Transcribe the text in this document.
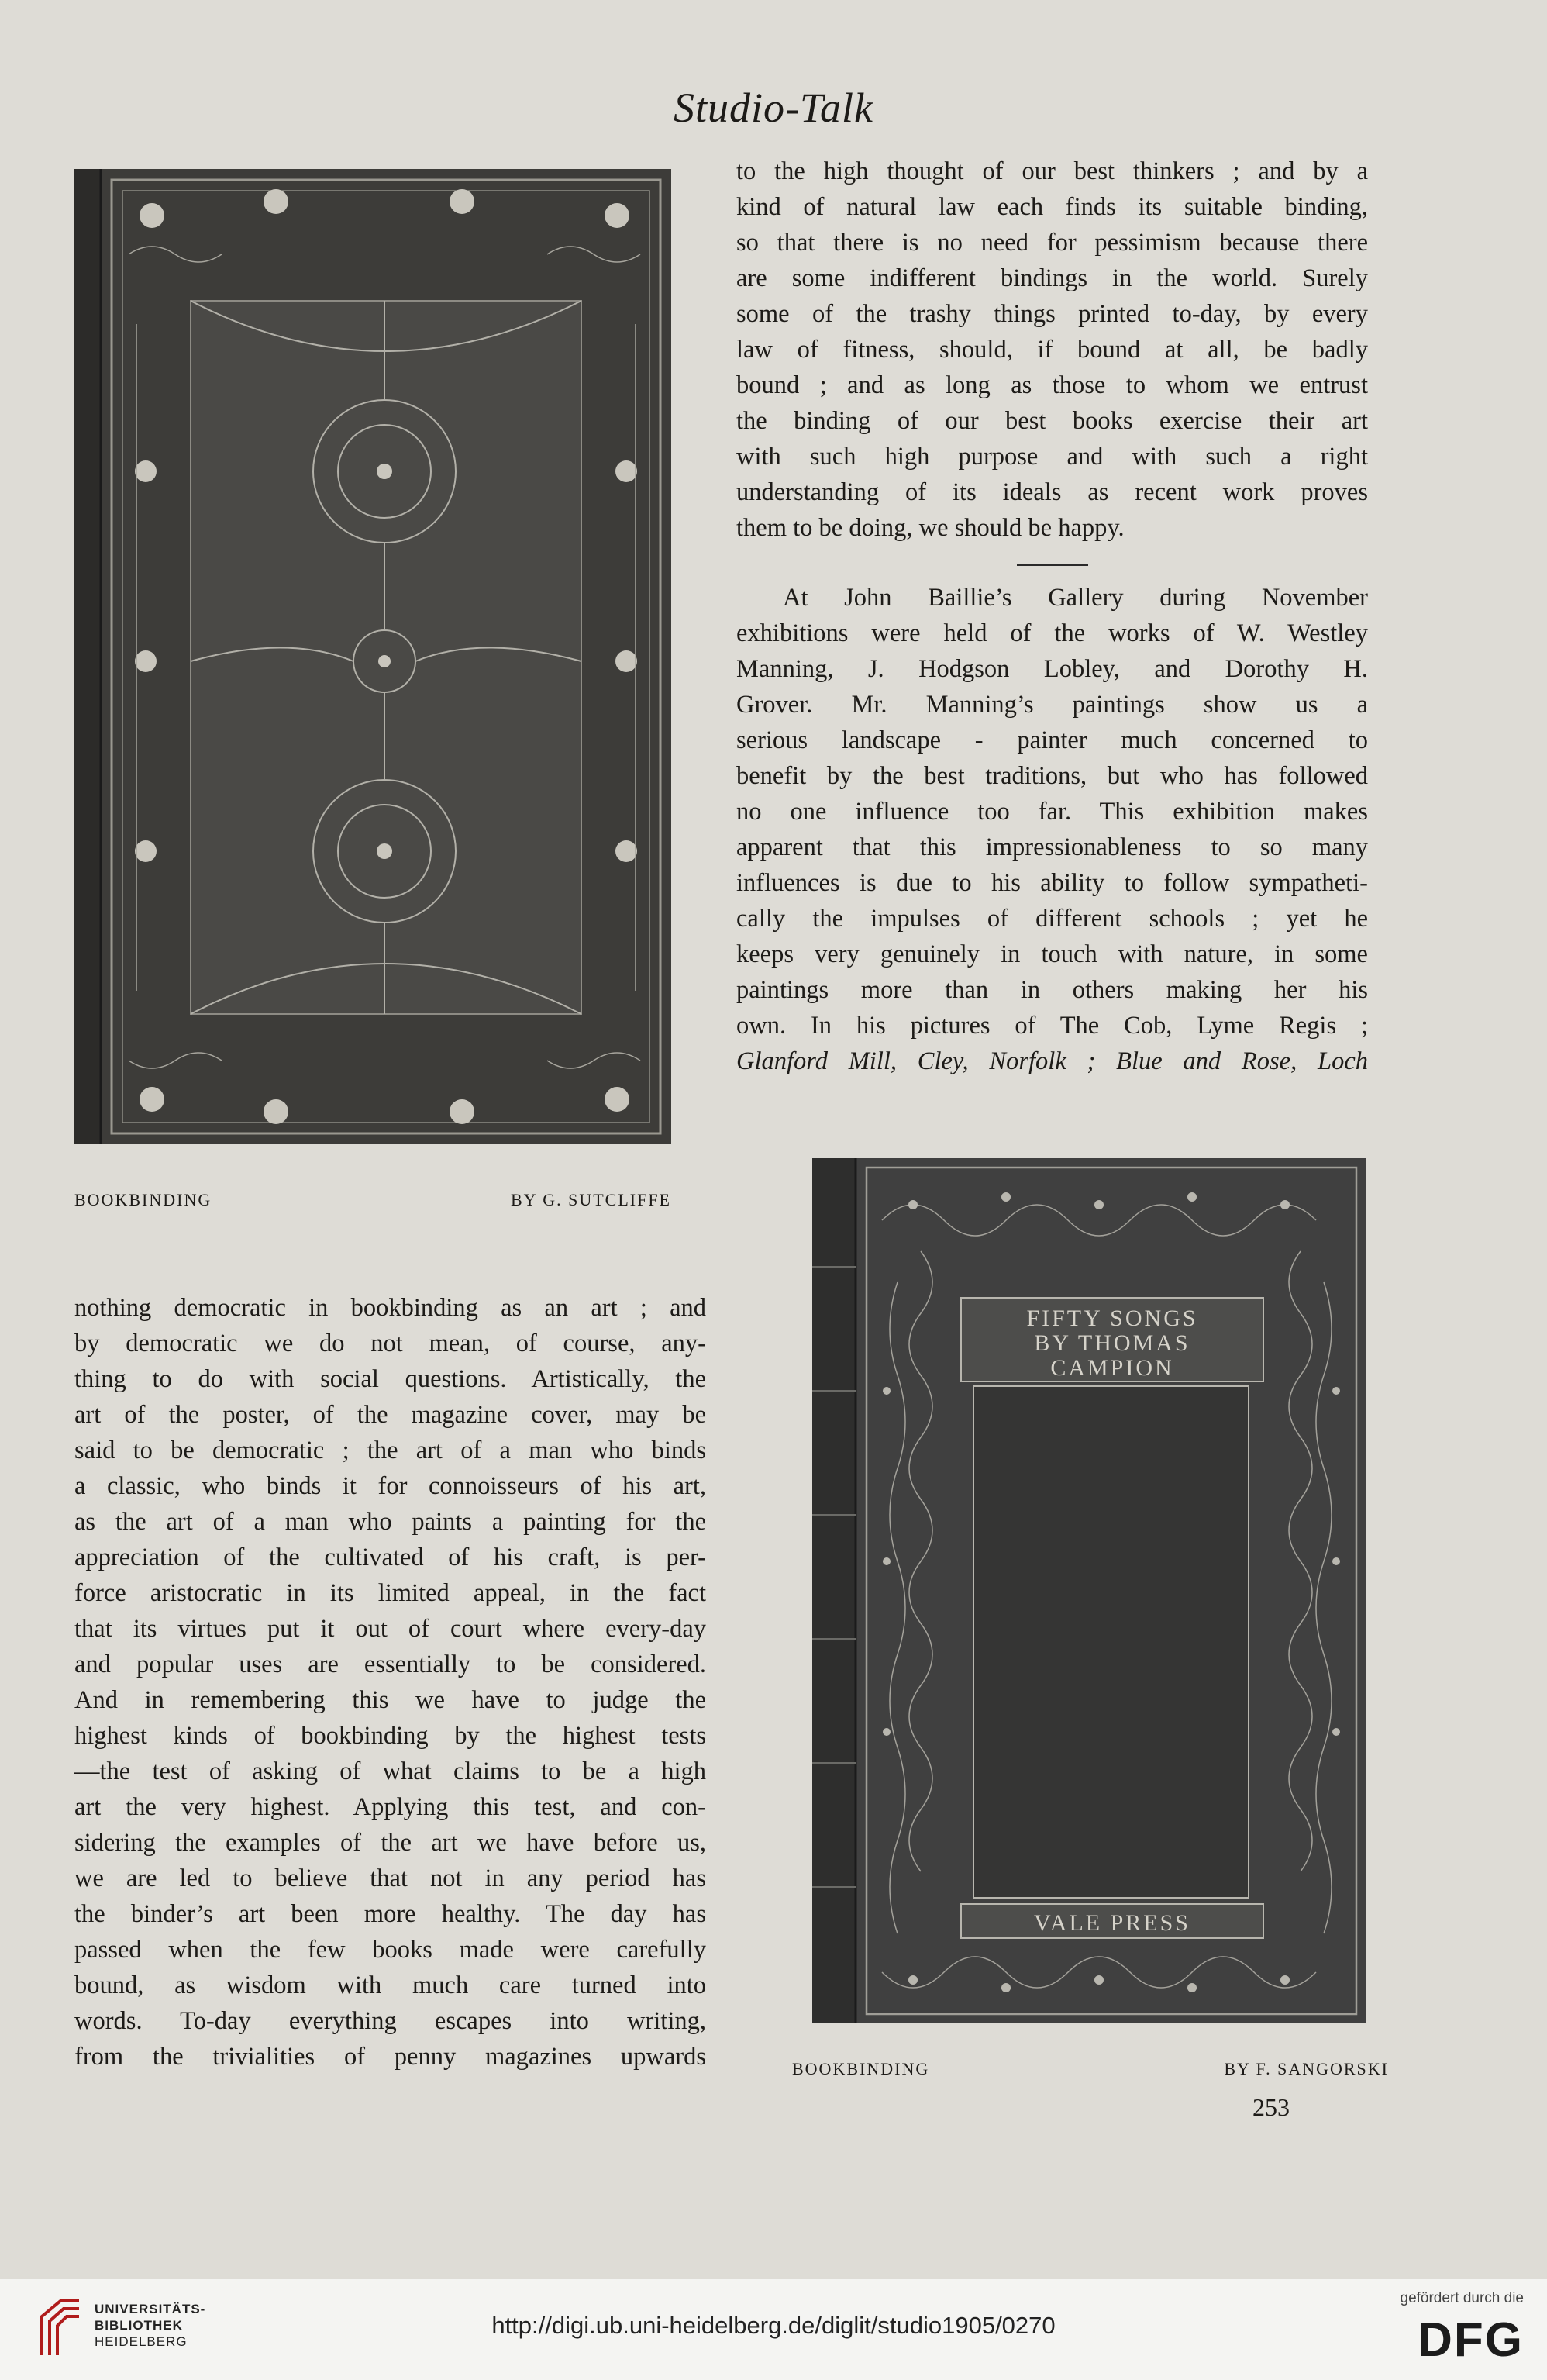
Studio-Talk
BOOKBINDING	BY G. SUTCLIFFE

to the high thought of our best thinkers ; and by a
kind of natural law each finds its suitable binding,
so that there is no need for pessimism because there
are some indifferent bindings in the world. Surely
some of the trashy things printed to-day, by every
law of fitness, should, if bound at all, be badly
bound ; and as long as those to whom we entrust
the binding of our best books exercise their art
with such high purpose and with such a right
understanding of its ideals as recent work proves
them to be doing, we should be happy.

At John Baillie’s Gallery during November
exhibitions were held of the works of W. Westley
Manning, J. Hodgson Lobley, and Dorothy H.
Grover. Mr. Manning’s paintings show us a
serious landscape - painter much concerned to
benefit by the best traditions, but who has followed
no one influence too far. This exhibition makes
apparent that this impressionableness to so many
influences is due to his ability to follow sympatheti-
cally the impulses of different schools ; yet he
keeps very genuinely in touch with nature, in some
paintings more than in others making her his
own. In his pictures of The Cob, Lyme Regis ;
Glanford Mill, Cley, Norfolk ; Blue and Rose, Loch

FIFTY SONGS
BY THOMAS
CAMPION
VALE PRESS
BOOKBINDING	BY F. SANGORSKI

nothing democratic in bookbinding as an art ; and
by democratic we do not mean, of course, any-
thing to do with social questions. Artistically, the
art of the poster, of the magazine cover, may be
said to be democratic ; the art of a man who binds
a classic, who binds it for connoisseurs of his art,
as the art of a man who paints a painting for the
appreciation of the cultivated of his craft, is per-
force aristocratic in its limited appeal, in the fact
that its virtues put it out of court where every-day
and popular uses are essentially to be considered.
And in remembering this we have to judge the
highest kinds of bookbinding by the highest tests
—the test of asking of what claims to be a high
art the very highest. Applying this test, and con-
sidering the examples of the art we have before us,
we are led to believe that not in any period has
the binder’s art been more healthy. The day has
passed when the few books made were carefully
bound, as wisdom with much care turned into
words. To-day everything escapes into writing,
from the trivialities of penny magazines upwards

253
UNIVERSITÄTS-
BIBLIOTHEK
HEIDELBERG
http://digi.ub.uni-heidelberg.de/diglit/studio1905/0270
gefördert durch die
DFG
